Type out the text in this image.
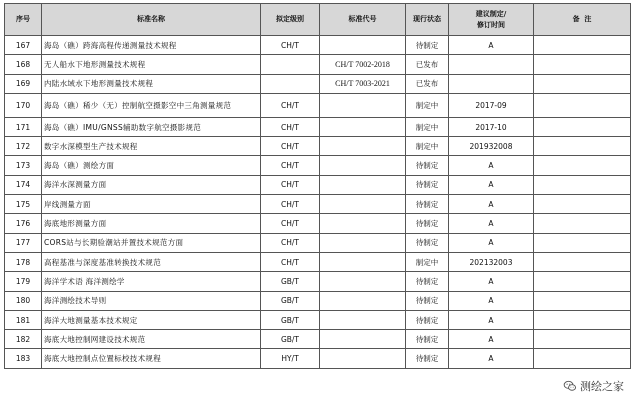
序号	标准名称	拟定级别	标准代号	现行状态	建议制定/
修订时间	备  注
167	海岛（礁）跨海高程传递测量技术规程	CH/T		待制定	A	
168	无人船水下地形测量技术规程		CH/T 7002-2018	已发布		
169	内陆水域水下地形测量技术规程		CH/T 7003-2021	已发布		
170	海岛（礁）稀少（无）控制航空摄影空中三角测量规范	CH/T		制定中	2017-09	
171	海岛（礁）IMU/GNSS辅助数字航空摄影规范	CH/T		制定中	2017-10	
172	数字水深模型生产技术规程	CH/T		制定中	201932008	
173	海岛（礁）测绘方面	CH/T		待制定	A	
174	海洋水深测量方面	CH/T		待制定	A	
175	岸线测量方面	CH/T		待制定	A	
176	海底地形测量方面	CH/T		待制定	A	
177	CORS站与长期验潮站并置技术规范方面	CH/T		待制定	A	
178	高程基准与深度基准转换技术规范	CH/T		制定中	202132003	
179	海洋学术语 海洋测绘学	GB/T		待制定	A	
180	海洋测绘技术导则	GB/T		待制定	A	
181	海洋大地测量基本技术规定	GB/T		待制定	A	
182	海底大地控制网建设技术规范	GB/T		待制定	A	
183	海底大地控制点位置标校技术规程	HY/T		待制定	A	
测绘之家
